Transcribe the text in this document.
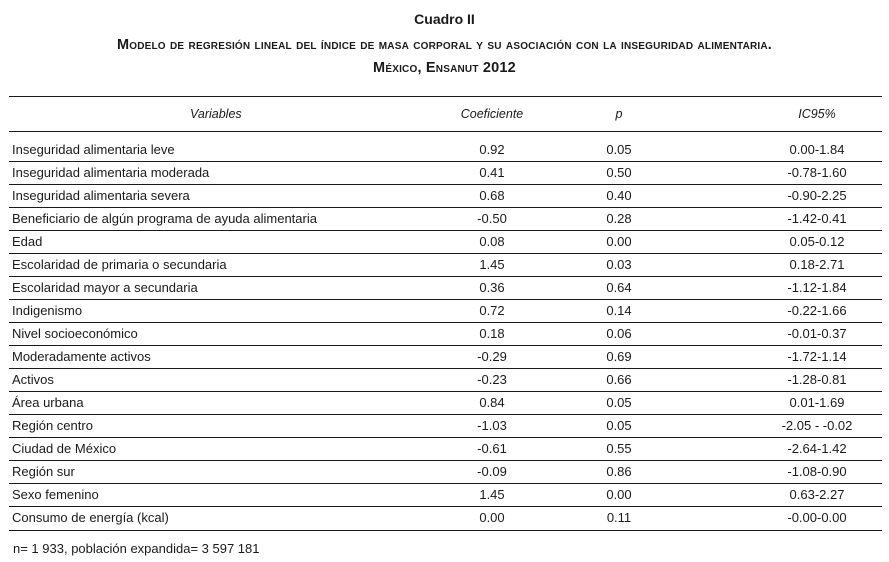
Cuadro II
Modelo de regresión lineal del índice de masa corporal y su asociación con la inseguridad alimentaria.
México, Ensanut 2012
Variables	Coeficiente	p	IC95%
Inseguridad alimentaria leve	0.92	0.05	0.00-1.84
Inseguridad alimentaria moderada	0.41	0.50	-0.78-1.60
Inseguridad alimentaria severa	0.68	0.40	-0.90-2.25
Beneficiario de algún programa de ayuda alimentaria	-0.50	0.28	-1.42-0.41
Edad	0.08	0.00	0.05-0.12
Escolaridad de primaria o secundaria	1.45	0.03	0.18-2.71
Escolaridad mayor a secundaria	0.36	0.64	-1.12-1.84
Indigenismo	0.72	0.14	-0.22-1.66
Nivel socioeconómico	0.18	0.06	-0.01-0.37
Moderadamente activos	-0.29	0.69	-1.72-1.14
Activos	-0.23	0.66	-1.28-0.81
Área urbana	0.84	0.05	0.01-1.69
Región centro	-1.03	0.05	-2.05 - -0.02
Ciudad de México	-0.61	0.55	-2.64-1.42
Región sur	-0.09	0.86	-1.08-0.90
Sexo femenino	1.45	0.00	0.63-2.27
Consumo de energía (kcal)	0.00	0.11	-0.00-0.00
n= 1 933, población expandida= 3 597 181
